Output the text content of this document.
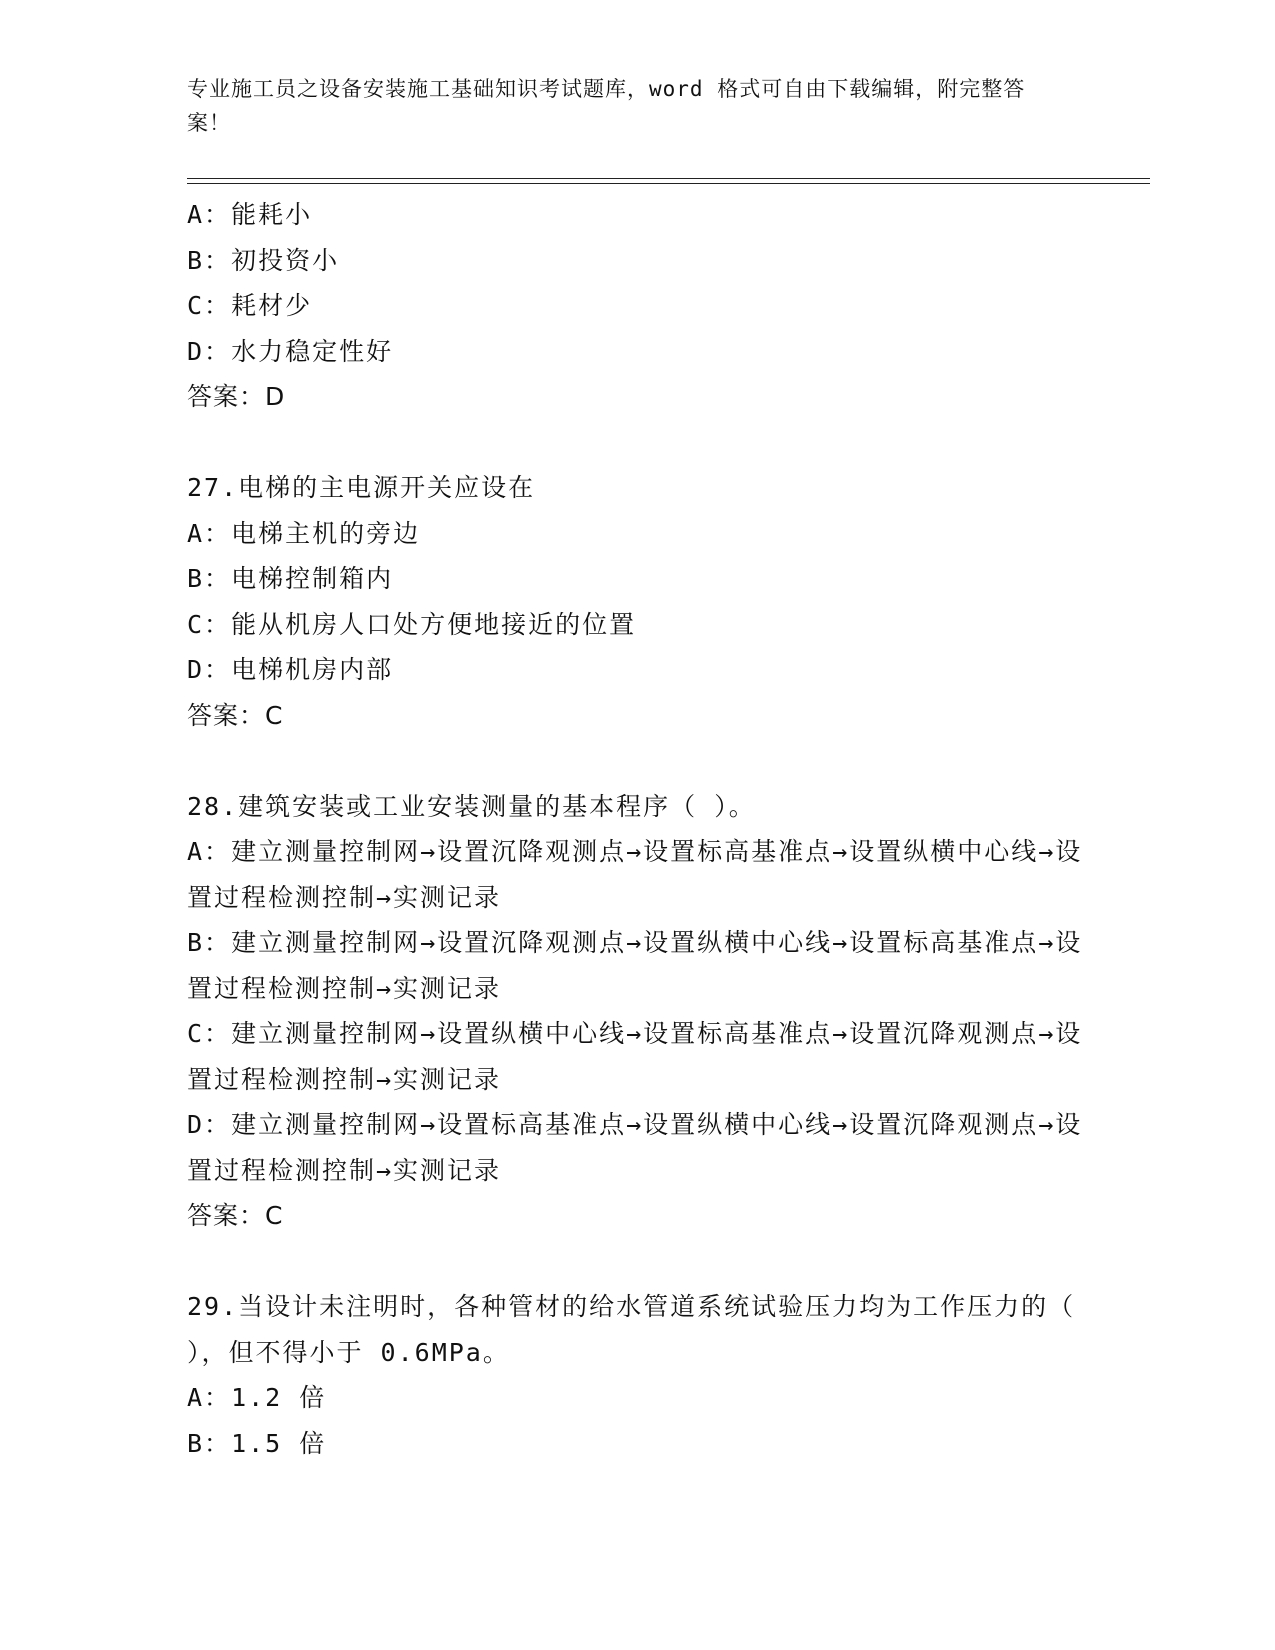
专业施工员之设备安装施工基础知识考试题库，word 格式可自由下载编辑，附完整答案！
A：能耗小
B：初投资小
C：耗材少
D：水力稳定性好
答案：D
27.电梯的主电源开关应设在
A：电梯主机的旁边
B：电梯控制箱内
C：能从机房人口处方便地接近的位置
D：电梯机房内部
答案：C
28.建筑安装或工业安装测量的基本程序（ ）。
A：建立测量控制网→设置沉降观测点→设置标高基准点→设置纵横中心线→设置过程检测控制→实测记录
B：建立测量控制网→设置沉降观测点→设置纵横中心线→设置标高基准点→设置过程检测控制→实测记录
C：建立测量控制网→设置纵横中心线→设置标高基准点→设置沉降观测点→设置过程检测控制→实测记录
D：建立测量控制网→设置标高基准点→设置纵横中心线→设置沉降观测点→设置过程检测控制→实测记录
答案：C
29.当设计未注明时，各种管材的给水管道系统试验压力均为工作压力的（ ），但不得小于 0.6MPa。
A：1.2 倍
B：1.5 倍
